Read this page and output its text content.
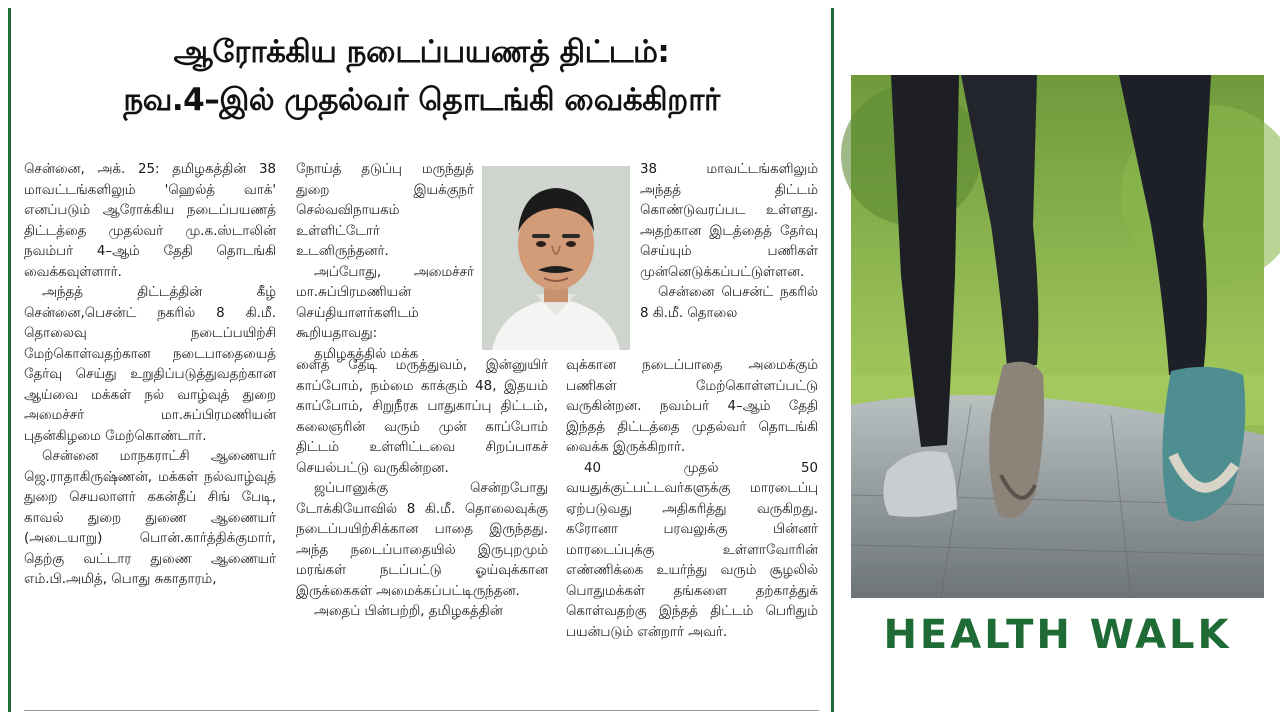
ஆரோக்கிய நடைப்பயணத் திட்டம்:
நவ.4–இல் முதல்வர் தொடங்கி வைக்கிறார்

சென்னை, அக். 25: தமிழகத்தின் 38 மாவட்டங்களிலும் 'ஹெல்த் வாக்' எனப்படும் ஆரோக்கிய நடைப்பயணத் திட்டத்தை முதல்வர் மு.க.ஸ்டாலின் நவம்பர் 4–ஆம் தேதி தொடங்கி வைக்கவுள்ளார்.

அந்தத் திட்டத்தின் கீழ் சென்னை,பெசன்ட் நகரில் 8 கி.மீ. தொலைவு நடைப்பயிற்சி மேற்கொள்வதற்கான நடைபாதையைத் தேர்வு செய்து உறுதிப்படுத்துவதற்கான ஆய்வை மக்கள் நல் வாழ்வுத் துறை அமைச்சர் மா.சுப்பிரமணியன் புதன்கிழமை மேற்கொண்டார்.

சென்னை மாநகராட்சி ஆணையர் ஜெ.ராதாகிருஷ்ணன், மக்கள் நல்வாழ்வுத் துறை செயலாளர் ககன்தீப் சிங் பேடி, காவல் துறை துணை ஆணையர் (அடையாறு) பொன்.கார்த்திக்குமார், தெற்கு வட்டார துணை ஆணையர் எம்.பி.அமித், பொது சுகாதாரம்,

நோய்த் தடுப்பு மருந்துத் துறை இயக்குநர் செல்வவிநாயகம் உள்ளிட்டோர் உடனிருந்தனர்.

அப்போது, அமைச்சர் மா.சுப்பிரமணியன் செய்தியாளர்களிடம் கூறியதாவது:

தமிழகத்தில் மக்க

ளைத் தேடி மருத்துவம், இன்னுயிர் காப்போம், நம்மை காக்கும் 48, இதயம் காப்போம், சிறுநீரக பாதுகாப்பு திட்டம், கலைஞரின் வரும் முன் காப்போம் திட்டம் உள்ளிட்டவை சிறப்பாகச் செயல்பட்டு வருகின்றன.

ஜப்பானுக்கு சென்றபோது டோக்கியோவில் 8 கி.மீ. தொலைவுக்கு நடைப்பயிற்சிக்கான பாதை இருந்தது. அந்த நடைப்பாதையில் இருபுறமும் மரங்கள் நடப்பட்டு ஓய்வுக்கான இருக்கைகள் அமைக்கப்பட்டிருந்தன.

அதைப் பின்பற்றி, தமிழகத்தின்

38 மாவட்டங்களிலும் அந்தத் திட்டம் கொண்டுவரப்பட உள்ளது. அதற்கான இடத்தைத் தேர்வு செய்யும் பணிகள் முன்னெடுக்கப்பட்டுள்ளன.

சென்னை பெசன்ட் நகரில் 8 கி.மீ. தொலை

வுக்கான நடைப்பாதை அமைக்கும் பணிகள் மேற்கொள்ளப்பட்டு வருகின்றன. நவம்பர் 4–ஆம் தேதி இந்தத் திட்டத்தை முதல்வர் தொடங்கி வைக்க இருக்கிறார்.

40 முதல் 50 வயதுக்குட்பட்டவர்களுக்கு மாரடைப்பு ஏற்படுவது அதிகரித்து வருகிறது. கரோனா பரவலுக்கு பின்னர் மாரடைப்புக்கு உள்ளாவோரின் எண்ணிக்கை உயர்ந்து வரும் சூழலில் பொதுமக்கள் தங்களை தற்காத்துக் கொள்வதற்கு இந்தத் திட்டம் பெரிதும் பயன்படும் என்றார் அவர்.	HEALTH WALK
